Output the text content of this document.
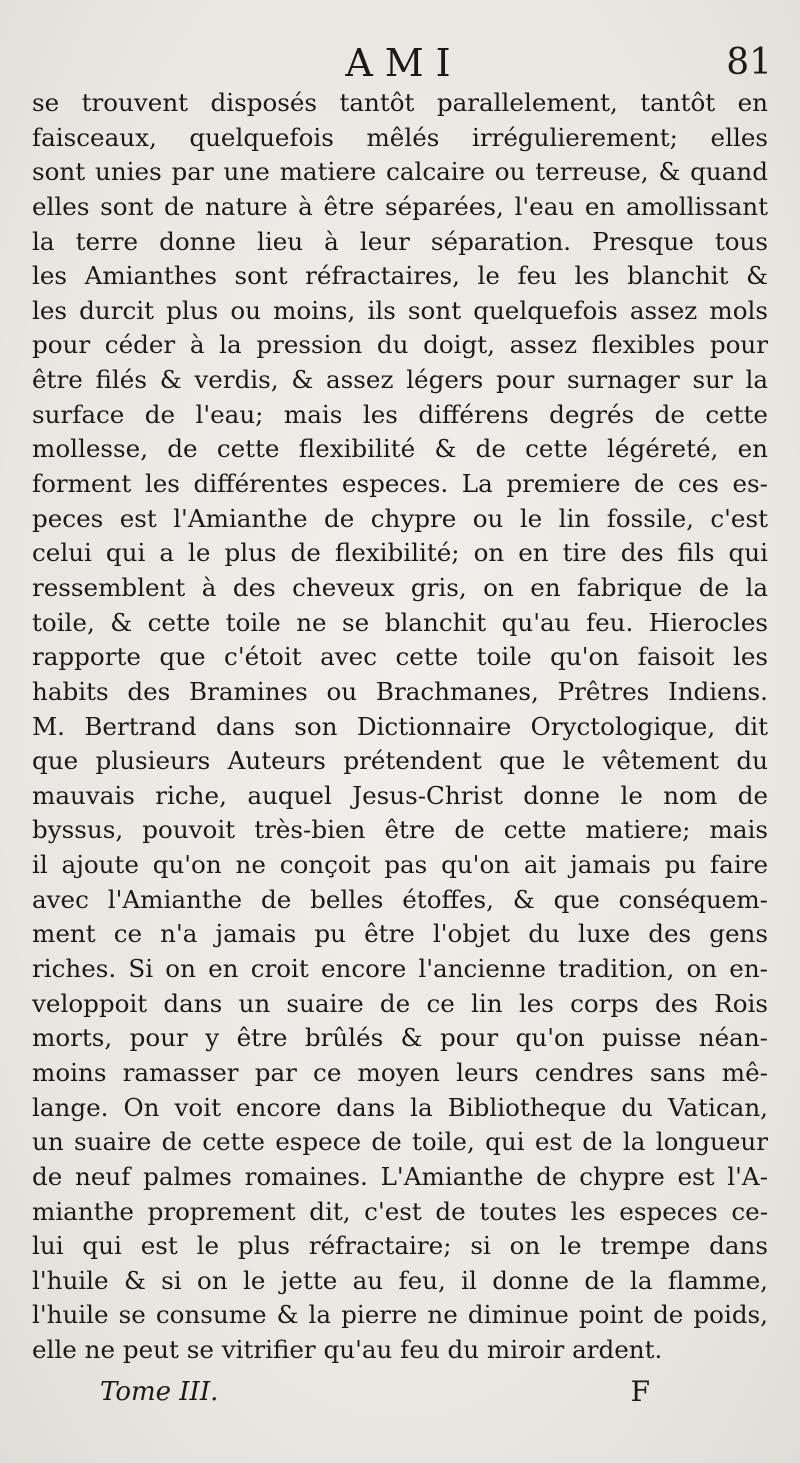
AMI	81
se trouvent disposés tantôt parallelement, tantôt en
faisceaux, quelquefois mêlés irrégulierement; elles
sont unies par une matiere calcaire ou terreuse, & quand
elles sont de nature à être séparées, l'eau en amollissant
la terre donne lieu à leur séparation. Presque tous
les Amianthes sont réfractaires, le feu les blanchit &
les durcit plus ou moins, ils sont quelquefois assez mols
pour céder à la pression du doigt, assez flexibles pour
être filés & verdis, & assez légers pour surnager sur la
surface de l'eau; mais les différens degrés de cette
mollesse, de cette flexibilité & de cette légéreté, en
forment les différentes especes. La premiere de ces es-
peces est l'Amianthe de chypre ou le lin fossile, c'est
celui qui a le plus de flexibilité; on en tire des fils qui
ressemblent à des cheveux gris, on en fabrique de la
toile, & cette toile ne se blanchit qu'au feu. Hierocles
rapporte que c'étoit avec cette toile qu'on faisoit les
habits des Bramines ou Brachmanes, Prêtres Indiens.
M. Bertrand dans son Dictionnaire Oryctologique, dit
que plusieurs Auteurs prétendent que le vêtement du
mauvais riche, auquel Jesus-Christ donne le nom de
byssus, pouvoit très-bien être de cette matiere; mais
il ajoute qu'on ne conçoit pas qu'on ait jamais pu faire
avec l'Amianthe de belles étoffes, & que conséquem-
ment ce n'a jamais pu être l'objet du luxe des gens
riches. Si on en croit encore l'ancienne tradition, on en-
veloppoit dans un suaire de ce lin les corps des Rois
morts, pour y être brûlés & pour qu'on puisse néan-
moins ramasser par ce moyen leurs cendres sans mê-
lange. On voit encore dans la Bibliotheque du Vatican,
un suaire de cette espece de toile, qui est de la longueur
de neuf palmes romaines. L'Amianthe de chypre est l'A-
mianthe proprement dit, c'est de toutes les especes ce-
lui qui est le plus réfractaire; si on le trempe dans
l'huile & si on le jette au feu, il donne de la flamme,
l'huile se consume & la pierre ne diminue point de poids,
elle ne peut se vitrifier qu'au feu du miroir ardent.
Tome III.	F
